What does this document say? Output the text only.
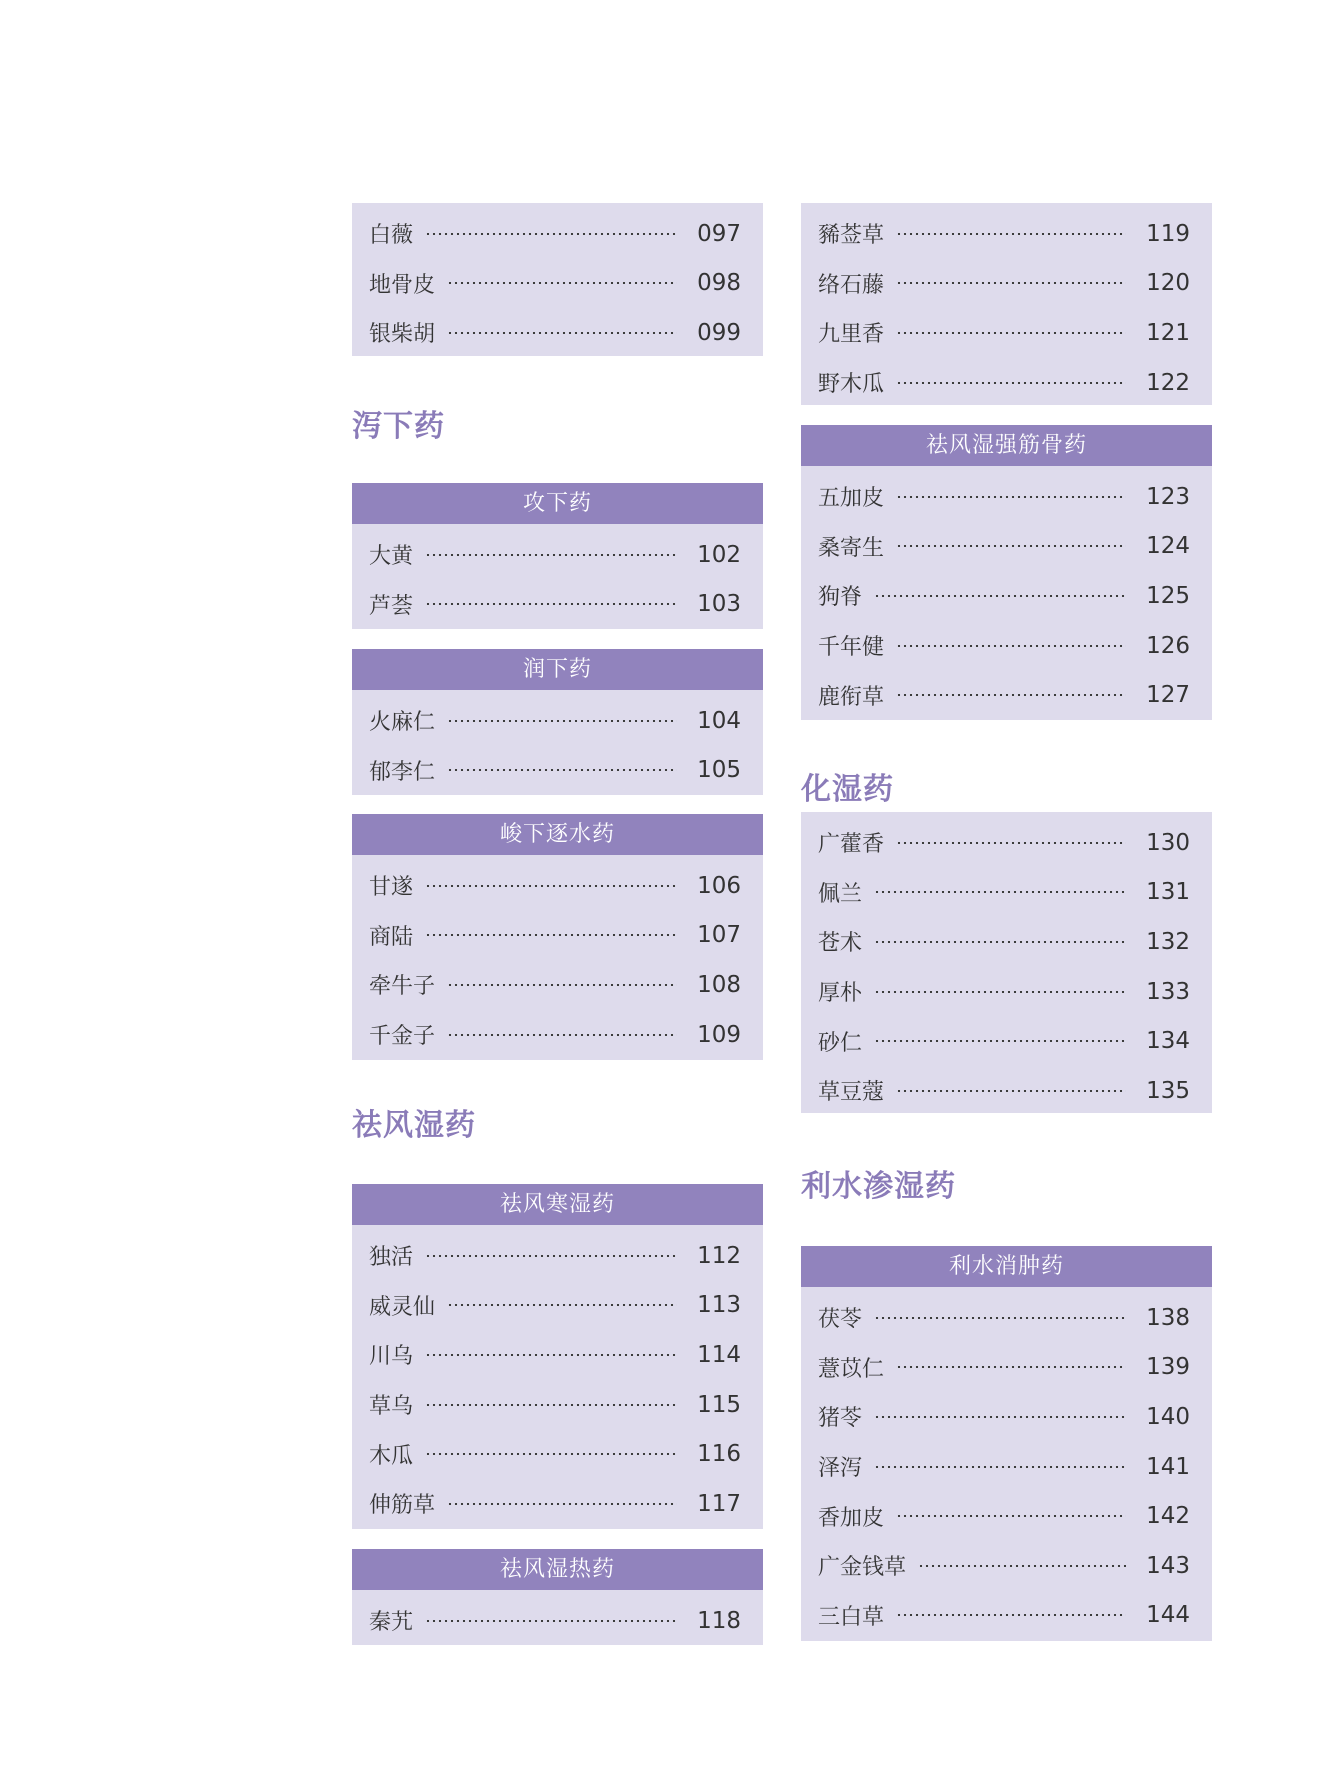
白薇	097
地骨皮	098
银柴胡	099
泻下药
攻下药
大黄	102
芦荟	103
润下药
火麻仁	104
郁李仁	105
峻下逐水药
甘遂	106
商陆	107
牵牛子	108
千金子	109
祛风湿药
祛风寒湿药
独活	112
威灵仙	113
川乌	114
草乌	115
木瓜	116
伸筋草	117
祛风湿热药
秦艽	118
豨莶草	119
络石藤	120
九里香	121
野木瓜	122
祛风湿强筋骨药
五加皮	123
桑寄生	124
狗脊	125
千年健	126
鹿衔草	127
化湿药
广藿香	130
佩兰	131
苍术	132
厚朴	133
砂仁	134
草豆蔻	135
利水渗湿药
利水消肿药
茯苓	138
薏苡仁	139
猪苓	140
泽泻	141
香加皮	142
广金钱草	143
三白草	144
